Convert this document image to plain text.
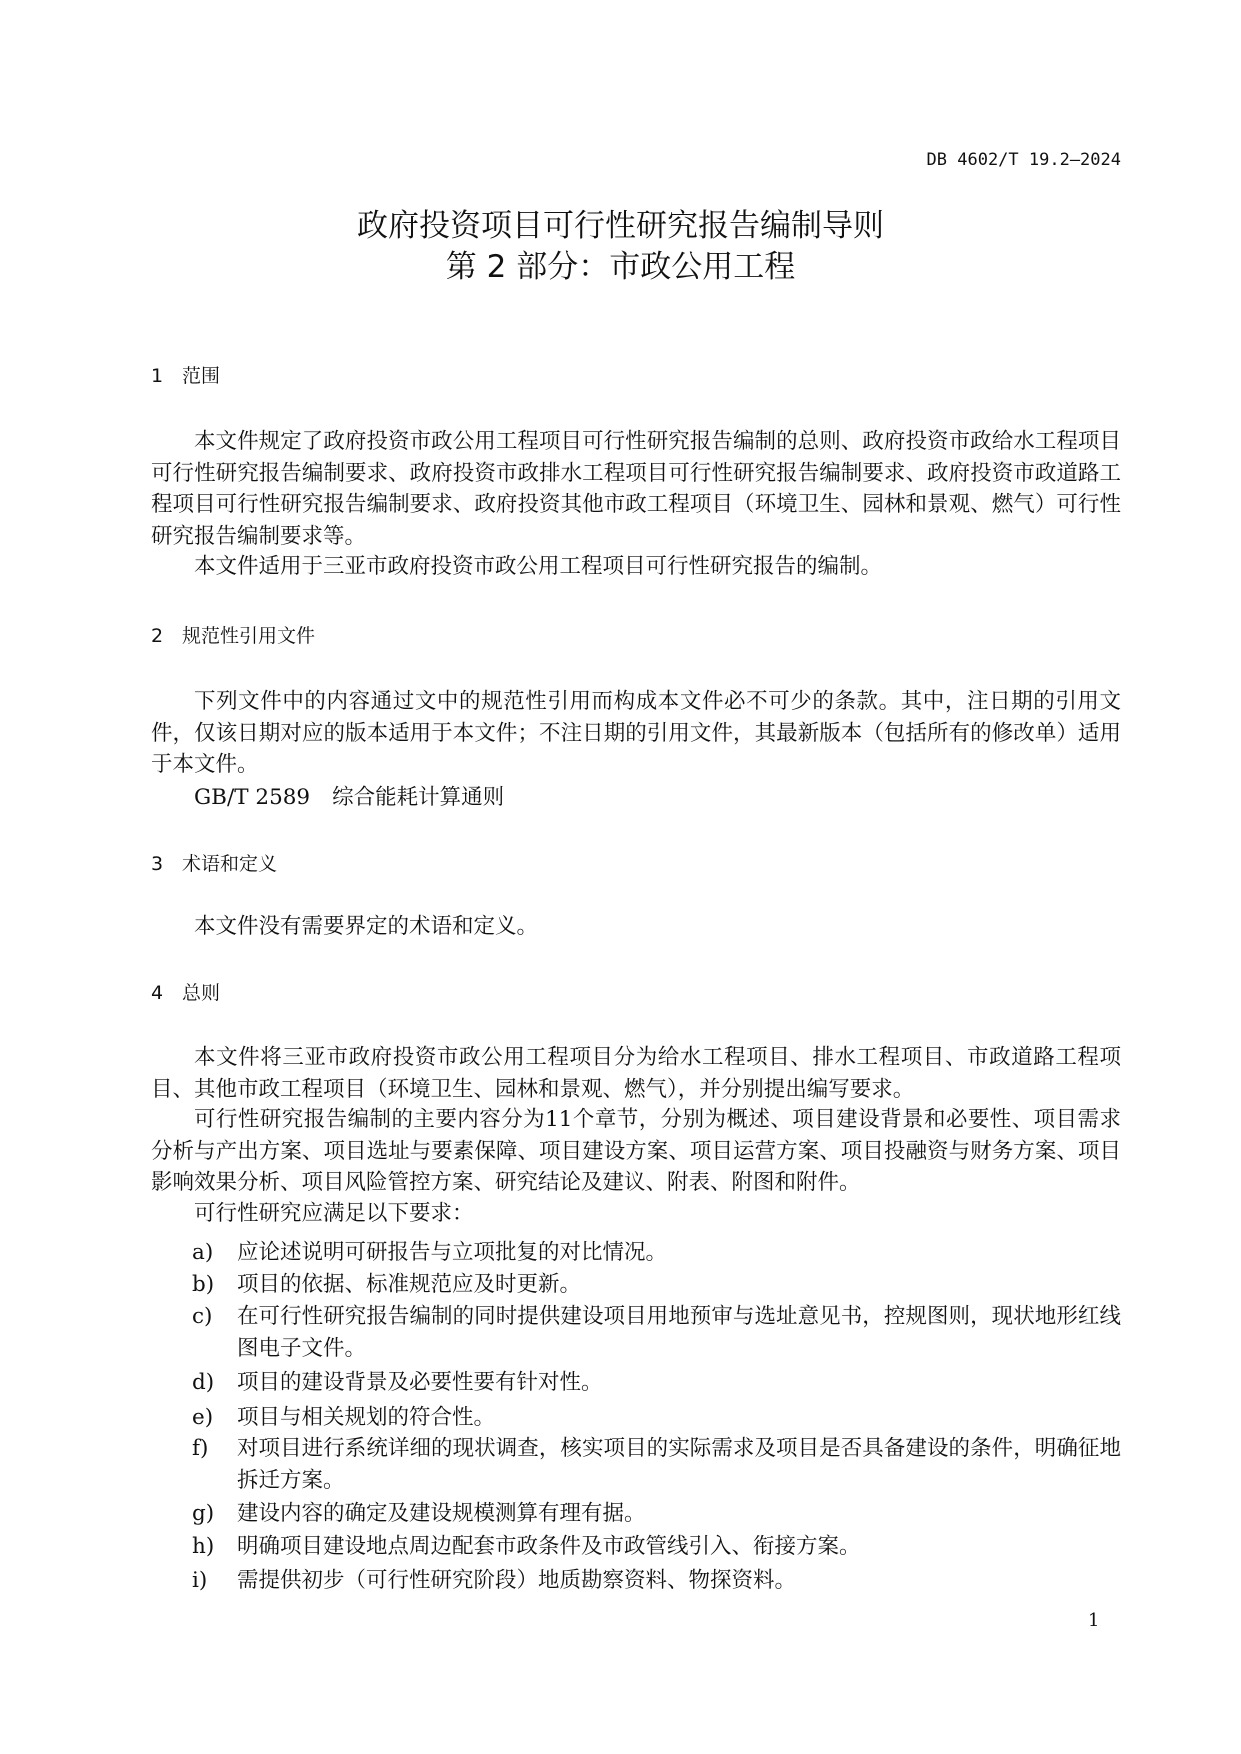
DB 4602/T 19.2—2024
政府投资项目可行性研究报告编制导则
第 2 部分：市政公用工程
1 范围
本文件规定了政府投资市政公用工程项目可行性研究报告编制的总则、政府投资市政给水工程项目可行性研究报告编制要求、政府投资市政排水工程项目可行性研究报告编制要求、政府投资市政道路工程项目可行性研究报告编制要求、政府投资其他市政工程项目（环境卫生、园林和景观、燃气）可行性研究报告编制要求等。
本文件适用于三亚市政府投资市政公用工程项目可行性研究报告的编制。
2 规范性引用文件
下列文件中的内容通过文中的规范性引用而构成本文件必不可少的条款。其中，注日期的引用文件，仅该日期对应的版本适用于本文件；不注日期的引用文件，其最新版本（包括所有的修改单）适用于本文件。
GB/T 2589 综合能耗计算通则
3 术语和定义
本文件没有需要界定的术语和定义。
4 总则
本文件将三亚市政府投资市政公用工程项目分为给水工程项目、排水工程项目、市政道路工程项目、其他市政工程项目（环境卫生、园林和景观、燃气），并分别提出编写要求。
可行性研究报告编制的主要内容分为11个章节，分别为概述、项目建设背景和必要性、项目需求分析与产出方案、项目选址与要素保障、项目建设方案、项目运营方案、项目投融资与财务方案、项目影响效果分析、项目风险管控方案、研究结论及建议、附表、附图和附件。
可行性研究应满足以下要求：
a) 应论述说明可研报告与立项批复的对比情况。
b) 项目的依据、标准规范应及时更新。
c) 在可行性研究报告编制的同时提供建设项目用地预审与选址意见书，控规图则，现状地形红线图电子文件。
d) 项目的建设背景及必要性要有针对性。
e) 项目与相关规划的符合性。
f) 对项目进行系统详细的现状调查，核实项目的实际需求及项目是否具备建设的条件，明确征地拆迁方案。
g) 建设内容的确定及建设规模测算有理有据。
h) 明确项目建设地点周边配套市政条件及市政管线引入、衔接方案。
i) 需提供初步（可行性研究阶段）地质勘察资料、物探资料。
1
